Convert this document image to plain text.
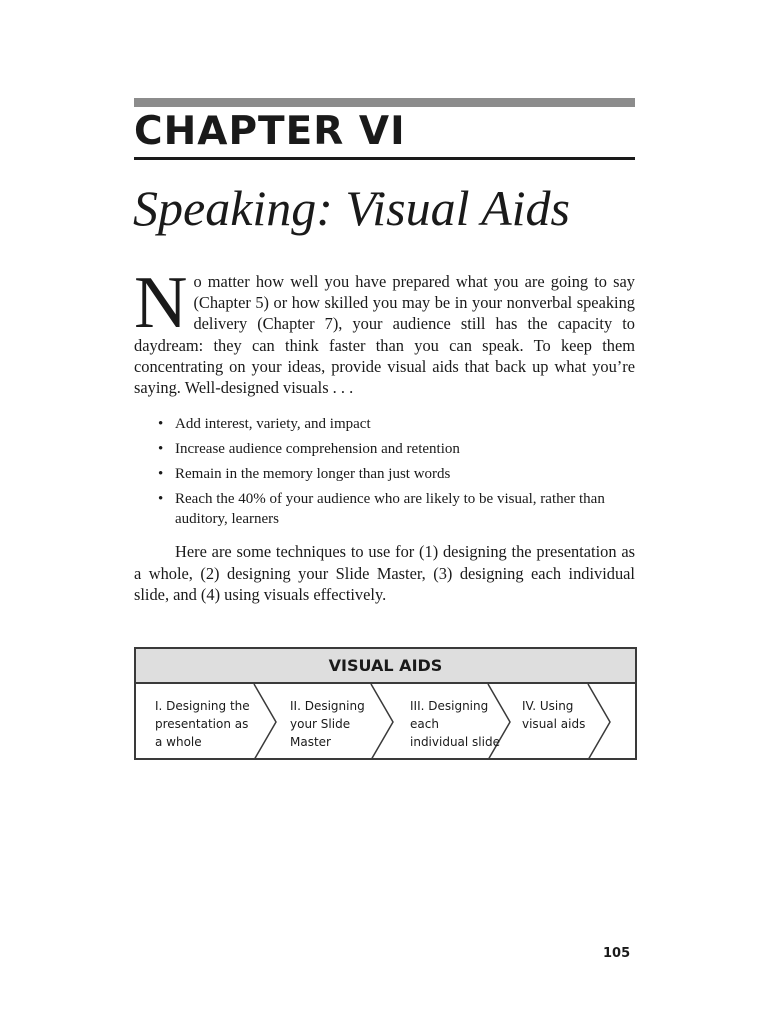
CHAPTER VI
Speaking: Visual Aids
N o matter how well you have prepared what you are going to say (Chapter 5) or how skilled you may be in your nonverbal speaking delivery (Chapter 7), your audience still has the capacity to daydream: they can think faster than you can speak. To keep them concentrating on your ideas, provide visual aids that back up what you’re saying. Well-designed visuals . . .
• Add interest, variety, and impact
• Increase audience comprehension and retention
• Remain in the memory longer than just words
• Reach the 40% of your audience who are likely to be visual, rather than auditory, learners

Here are some techniques to use for (1) designing the presentation as a whole, (2) designing your Slide Master, (3) designing each individual slide, and (4) using visuals effectively.

VISUAL AIDS
I. Designing the presentation as a whole
II. Designing your Slide Master
III. Designing each individual slide
IV. Using visual aids
105
